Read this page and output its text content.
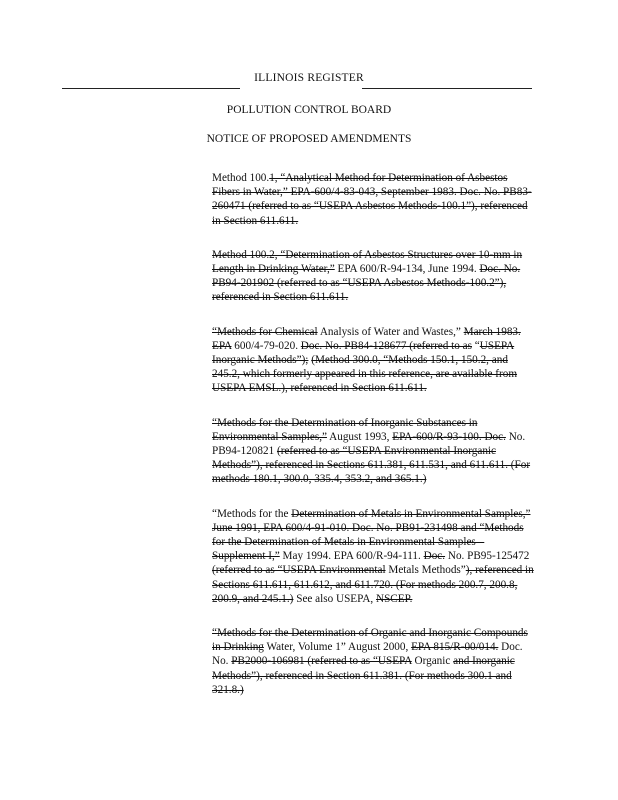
ILLINOIS REGISTER
POLLUTION CONTROL BOARD
NOTICE OF PROPOSED AMENDMENTS

Method 100.1, “Analytical Method for Determination of Asbestos Fibers in Water,” EPA-600/4-83-043, September 1983. Doc. No. PB83-260471 (referred to as “USEPA Asbestos Methods-100.1”), referenced in Section 611.611.

Method 100.2, “Determination of Asbestos Structures over 10-mm in Length in Drinking Water,” EPA 600/R-94-134, June 1994. Doc. No. PB94-201902 (referred to as “USEPA Asbestos Methods-100.2”), referenced in Section 611.611.

“Methods for Chemical Analysis of Water and Wastes,” March 1983. EPA 600/4-79-020. Doc. No. PB84-128677 (referred to as “USEPA Inorganic Methods”); (Method 300.0, “Methods 150.1, 150.2, and 245.2, which formerly appeared in this reference, are available from USEPA EMSL.), referenced in Section 611.611.

“Methods for the Determination of Inorganic Substances in Environmental Samples,” August 1993, EPA-600/R-93-100. Doc. No. PB94-120821 (referred to as “USEPA Environmental Inorganic Methods”), referenced in Sections 611.381, 611.531, and 611.611. (For methods 180.1, 300.0, 335.4, 353.2, and 365.1.)

“Methods for the Determination of Metals in Environmental Samples,” June 1991, EPA 600/4-91-010. Doc. No. PB91-231498 and “Methods for the Determination of Metals in Environmental Samples – Supplement I,” May 1994. EPA 600/R-94-111. Doc. No. PB95-125472 (referred to as “USEPA Environmental Metals Methods”), referenced in Sections 611.611, 611.612, and 611.720. (For methods 200.7, 200.8, 200.9, and 245.1.) See also USEPA, NSCEP.

“Methods for the Determination of Organic and Inorganic Compounds in Drinking Water, Volume 1” August 2000, EPA 815/R-00/014. Doc. No. PB2000-106981 (referred to as “USEPA Organic and Inorganic Methods”), referenced in Section 611.381. (For methods 300.1 and 321.8.)
